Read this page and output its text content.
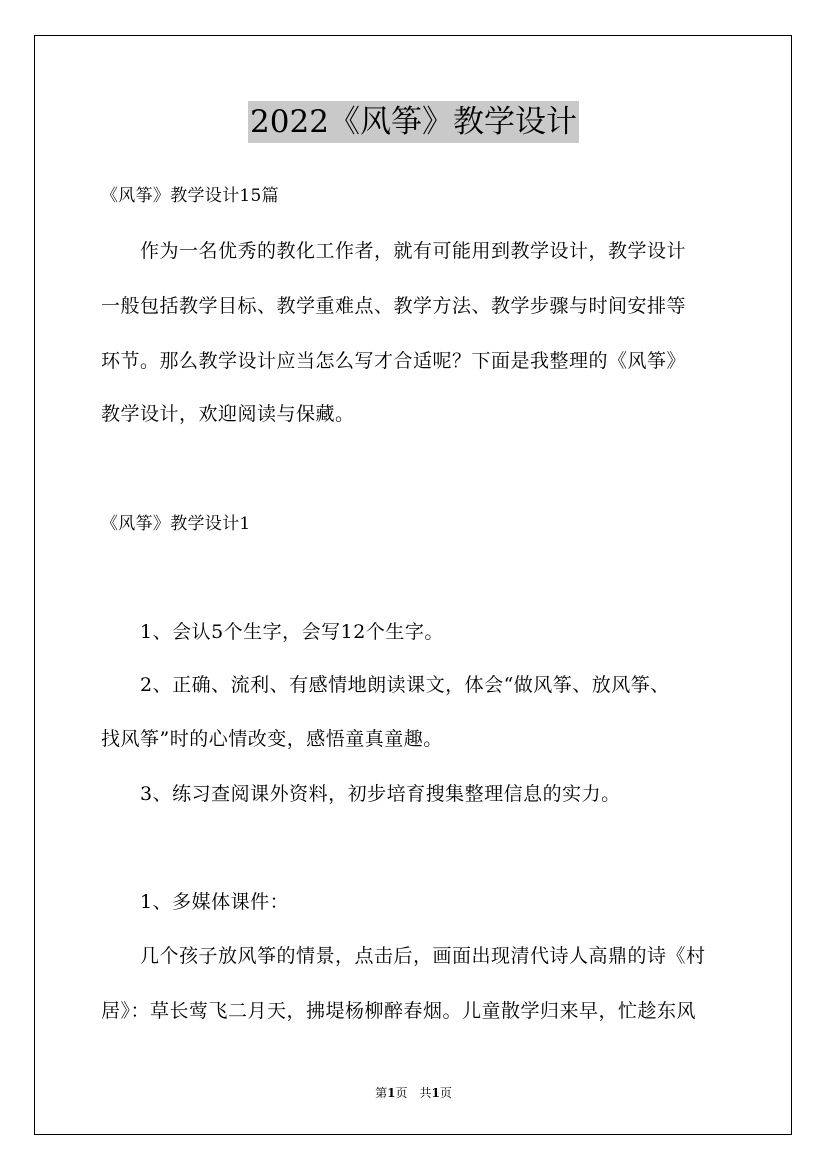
2022《风筝》教学设计
《风筝》教学设计15篇
　　作为一名优秀的教化工作者，就有可能用到教学设计，教学设计
一般包括教学目标、教学重难点、教学方法、教学步骤与时间安排等
环节。那么教学设计应当怎么写才合适呢？下面是我整理的《风筝》
教学设计，欢迎阅读与保藏。
《风筝》教学设计1
　　1、会认5个生字，会写12个生字。
　　2、正确、流利、有感情地朗读课文，体会“做风筝、放风筝、
找风筝”时的心情改变，感悟童真童趣。
　　3、练习查阅课外资料，初步培育搜集整理信息的实力。
　　1、多媒体课件：
　　几个孩子放风筝的情景，点击后，画面出现清代诗人高鼎的诗《村
居》：草长莺飞二月天，拂堤杨柳醉春烟。儿童散学归来早，忙趁东风
第1页　共1页
